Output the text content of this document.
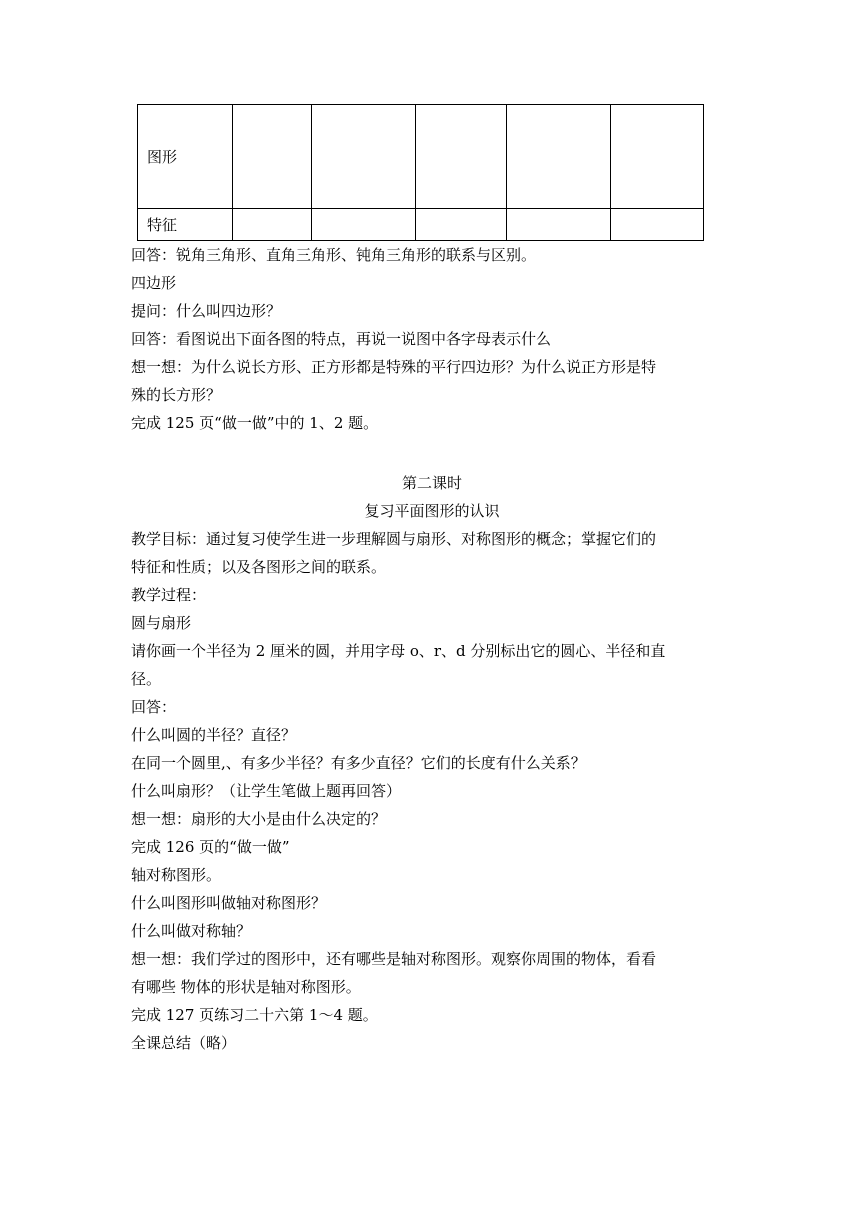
图形					
特征					
回答：锐角三角形、直角三角形、钝角三角形的联系与区别。
四边形
提问：什么叫四边形？
回答：看图说出下面各图的特点，再说一说图中各字母表示什么
想一想：为什么说长方形、正方形都是特殊的平行四边形？为什么说正方形是特
殊的长方形？
完成 125 页“做一做”中的 1、2 题。
第二课时
复习平面图形的认识
教学目标：通过复习使学生进一步理解圆与扇形、对称图形的概念；掌握它们的
特征和性质；以及各图形之间的联系。
教学过程：
圆与扇形
请你画一个半径为 2 厘米的圆，并用字母 o、r、d 分别标出它的圆心、半径和直
径。
回答：
什么叫圆的半径？直径？
在同一个圆里,、有多少半径？有多少直径？它们的长度有什么关系？
什么叫扇形？（让学生笔做上题再回答）
想一想：扇形的大小是由什么决定的？
完成 126 页的“做一做”
轴对称图形。
什么叫图形叫做轴对称图形？
什么叫做对称轴？
想一想：我们学过的图形中，还有哪些是轴对称图形。观察你周围的物体，看看
有哪些 物体的形状是轴对称图形。
完成 127 页练习二十六第 1～4 题。
全课总结（略）
